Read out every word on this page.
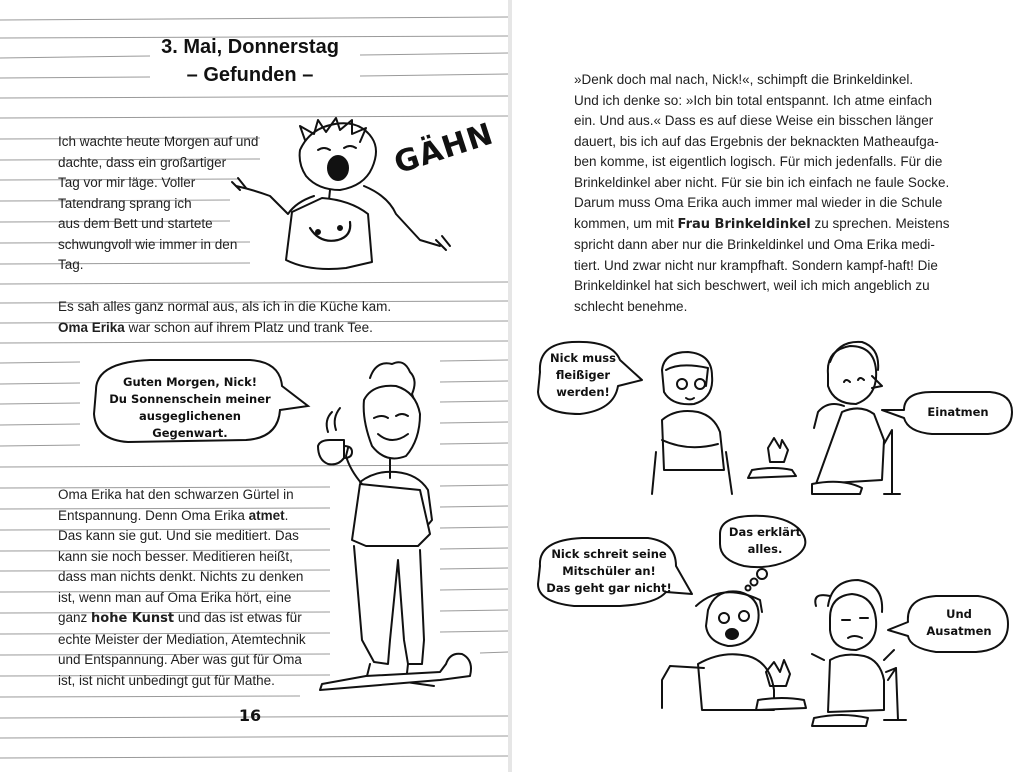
3. Mai, Donnerstag
– Gefunden –
Ich wachte heute Morgen auf und
dachte, dass ein großartiger
Tag vor mir läge. Voller
Tatendrang sprang ich
aus dem Bett und startete
schwungvoll wie immer in den
Tag.
GÄHN
Es sah alles ganz normal aus, als ich in die Küche kam.
Oma Erika war schon auf ihrem Platz und trank Tee.
Guten Morgen, Nick!
Du Sonnenschein meiner
ausgeglichenen Gegenwart.
Oma Erika hat den schwarzen Gürtel in
Entspannung. Denn Oma Erika atmet.
Das kann sie gut. Und sie meditiert. Das
kann sie noch besser. Meditieren heißt,
dass man nichts denkt. Nichts zu denken
ist, wenn man auf Oma Erika hört, eine
ganz hohe Kunst und das ist etwas für
echte Meister der Mediation, Atemtechnik
und Entspannung. Aber was gut für Oma
ist, ist nicht unbedingt gut für Mathe.
16
»Denk doch mal nach, Nick!«, schimpft die Brinkeldinkel.
Und ich denke so: »Ich bin total entspannt. Ich atme einfach
ein. Und aus.« Dass es auf diese Weise ein bisschen länger
dauert, bis ich auf das Ergebnis der beknackten Matheaufga-
ben komme, ist eigentlich logisch. Für mich jedenfalls. Für die
Brinkeldinkel aber nicht. Für sie bin ich einfach ne faule Socke.
Darum muss Oma Erika auch immer mal wieder in die Schule
kommen, um mit Frau Brinkeldinkel zu sprechen. Meistens
spricht dann aber nur die Brinkeldinkel und Oma Erika medi-
tiert. Und zwar nicht nur krampfhaft. Sondern kampf-haft! Die
Brinkeldinkel hat sich beschwert, weil ich mich angeblich zu
schlecht benehme.
Nick muss
fleißiger
werden!
Einatmen
Das erklärt
alles.
Nick schreit seine
Mitschüler an!
Das geht gar nicht!
Und
Ausatmen
